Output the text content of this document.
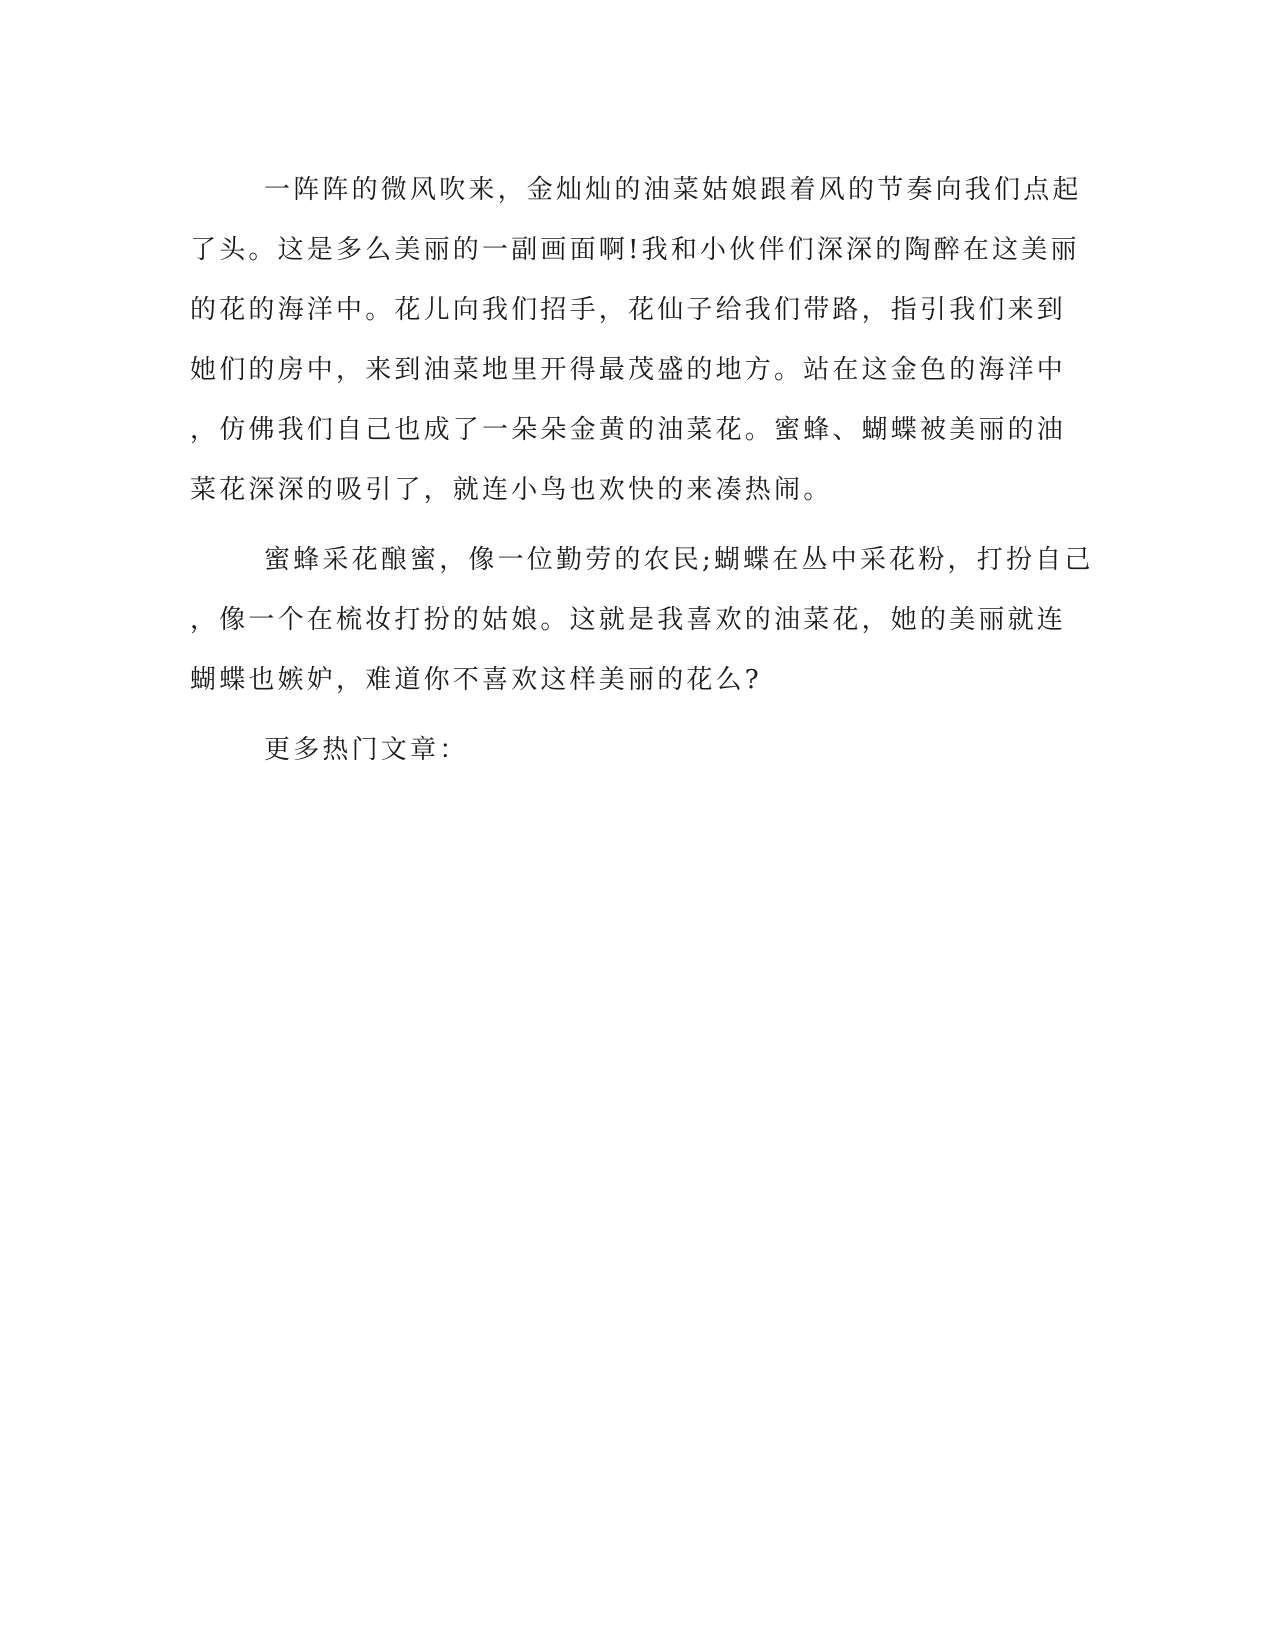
一阵阵的微风吹来，金灿灿的油菜姑娘跟着风的节奏向我们点起
了头。这是多么美丽的一副画面啊!我和小伙伴们深深的陶醉在这美丽
的花的海洋中。花儿向我们招手，花仙子给我们带路，指引我们来到
她们的房中，来到油菜地里开得最茂盛的地方。站在这金色的海洋中
，仿佛我们自己也成了一朵朵金黄的油菜花。蜜蜂、蝴蝶被美丽的油
菜花深深的吸引了，就连小鸟也欢快的来凑热闹。
蜜蜂采花酿蜜，像一位勤劳的农民;蝴蝶在丛中采花粉，打扮自己
，像一个在梳妆打扮的姑娘。这就是我喜欢的油菜花，她的美丽就连
蝴蝶也嫉妒，难道你不喜欢这样美丽的花么?
更多热门文章：
